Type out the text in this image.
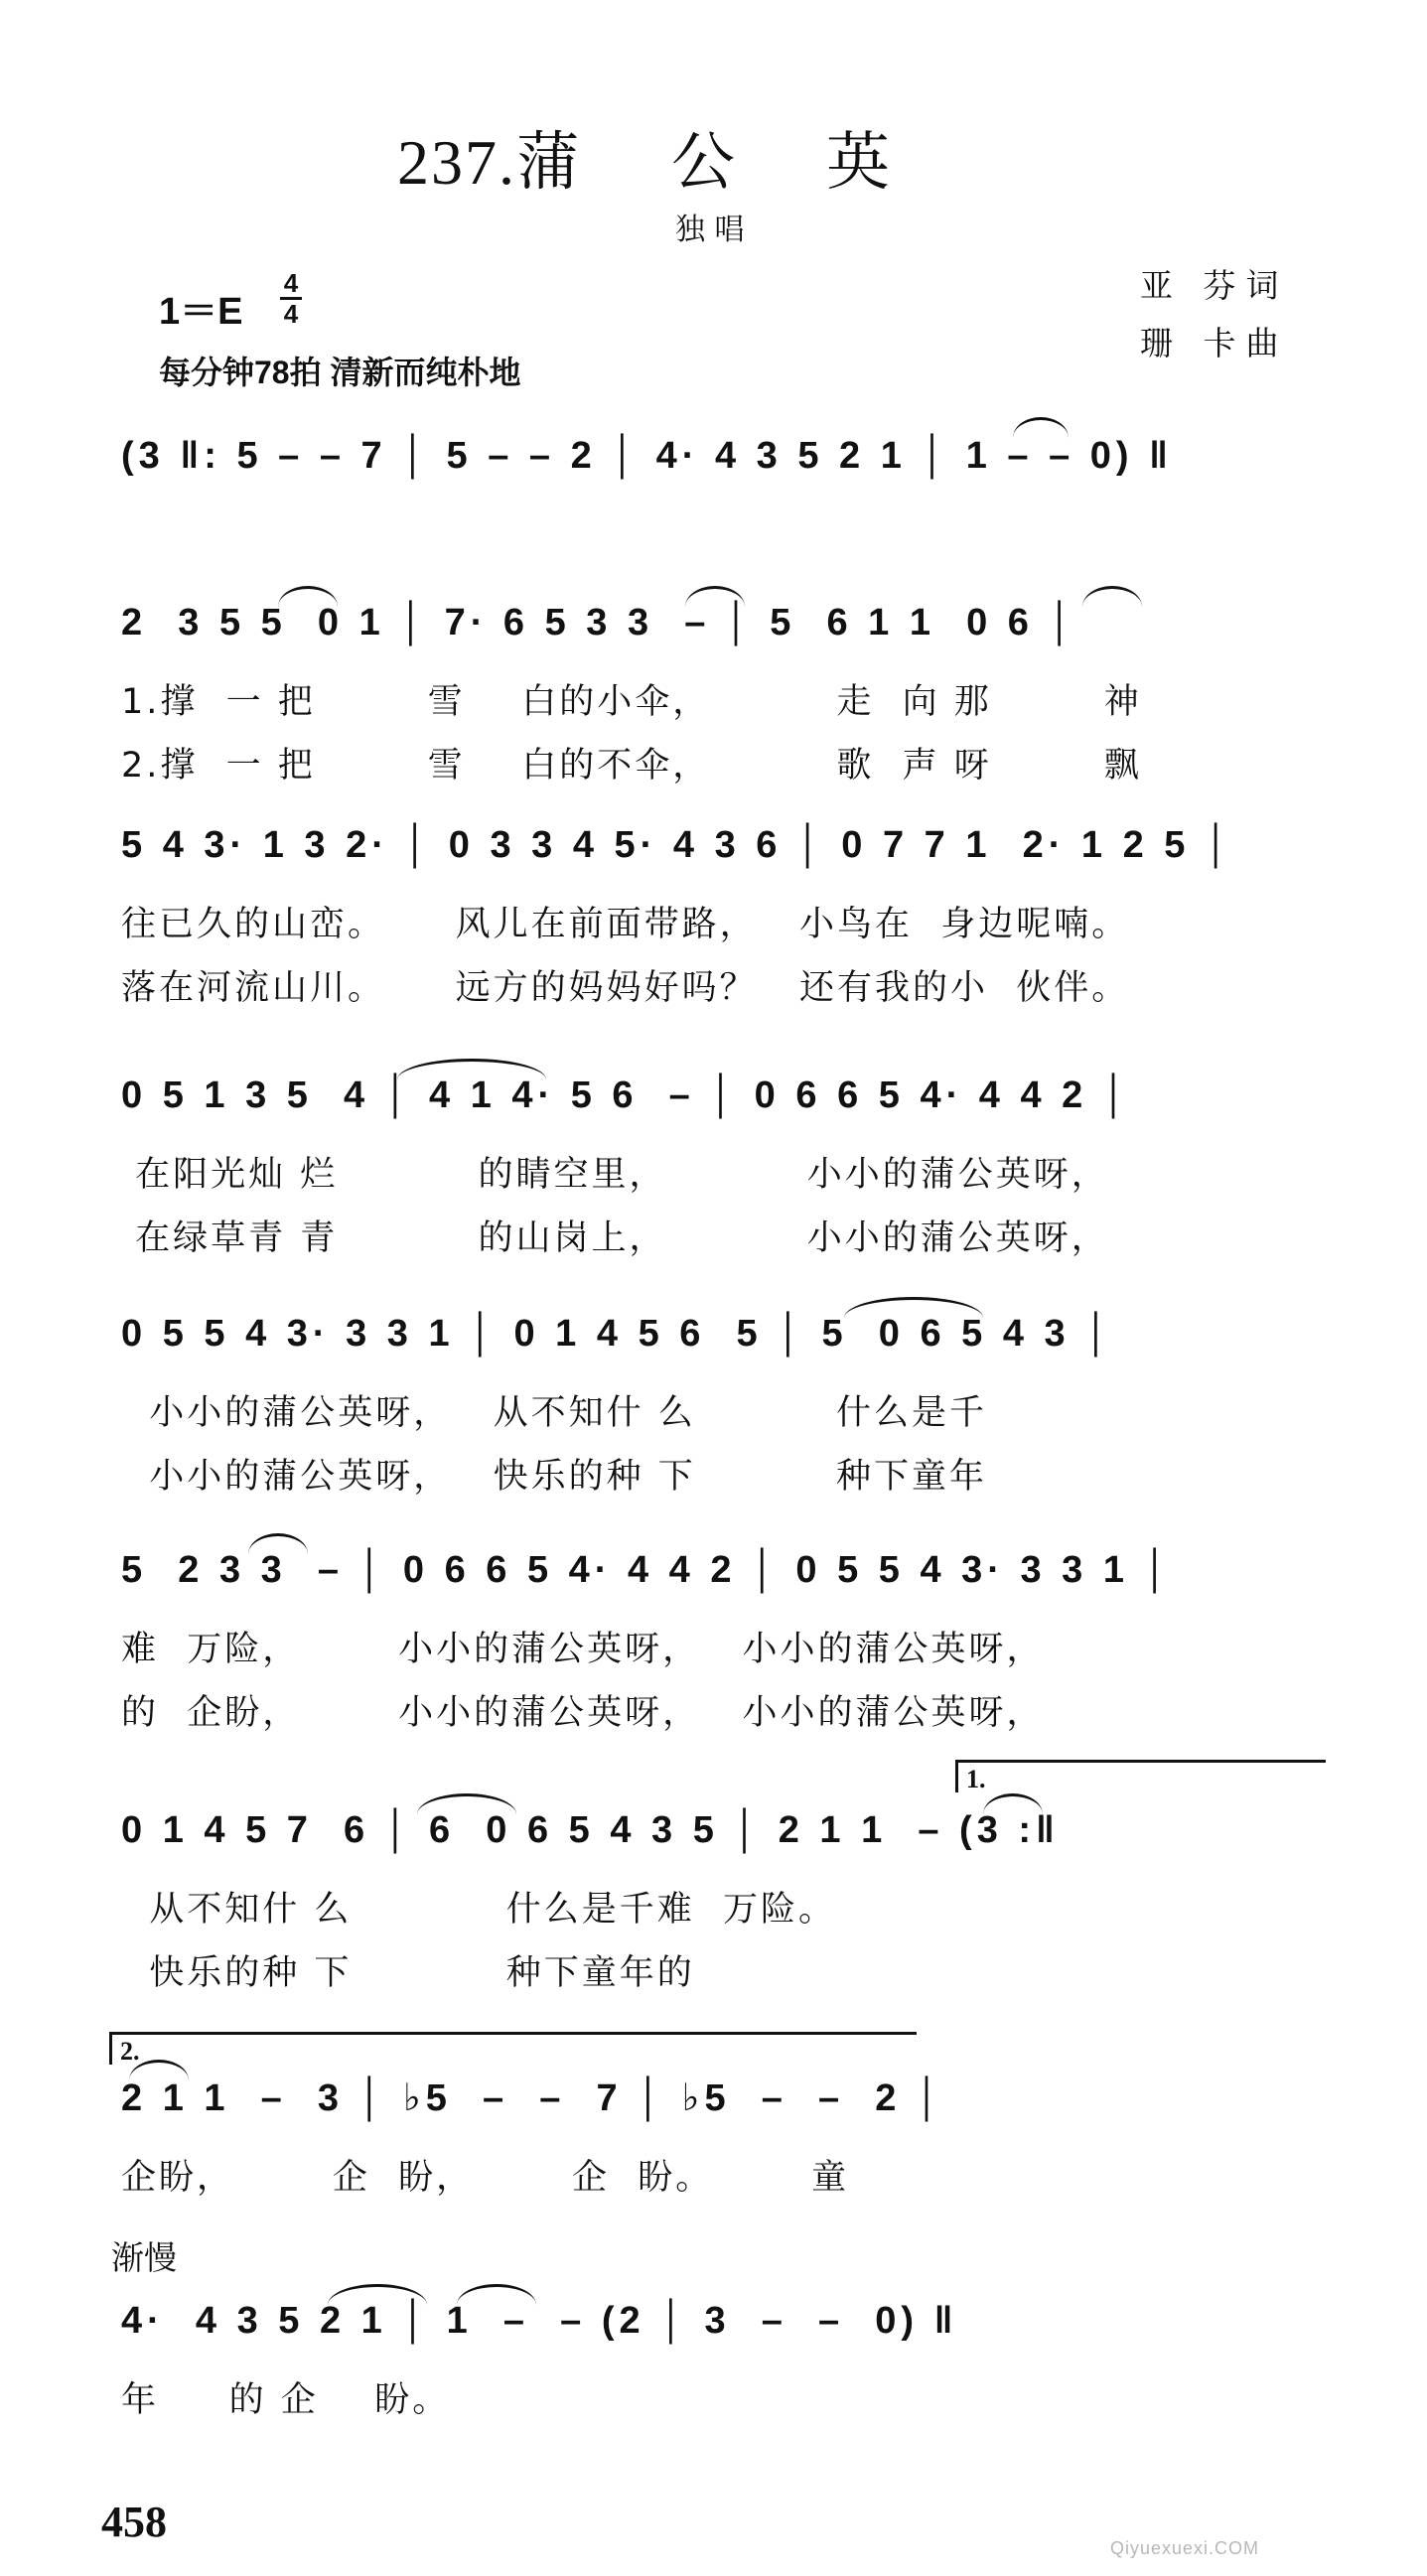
237.蒲 公 英
独 唱
1＝E
4
4
每分钟78拍 清新而纯朴地
亚 芬词
珊 卡曲
(3 ‖: 5 – – 7 │ 5 – – 2 │ 4· 4 3 5 2 1 │ 1 – – 0) ‖
2  3 5 5  0 1 │ 7· 6 5 3 3  – │ 5  6 1 1  0 6 │
1.撑  一 把        雪    白的小伞，         走  向 那        神
2.撑  一 把        雪    白的不伞，         歌  声 呀        飘
5 4 3· 1 3 2· │ 0 3 3 4 5· 4 3 6 │ 0 7 7 1  2· 1 2 5 │
往已久的山峦。     风儿在前面带路，   小鸟在  身边呢喃。
落在河流山川。     远方的妈妈好吗？   还有我的小  伙伴。
0 5 1 3 5  4 │ 4 1 4· 5 6  – │ 0 6 6 5 4· 4 4 2 │
在阳光灿 烂          的睛空里，          小小的蒲公英呀，
在绿草青 青          的山岗上，          小小的蒲公英呀，
0 5 5 4 3· 3 3 1 │ 0 1 4 5 6  5 │ 5  0 6 5 4 3 │
小小的蒲公英呀，   从不知什 么          什么是千
小小的蒲公英呀，   快乐的种 下          种下童年
5  2 3 3  – │ 0 6 6 5 4· 4 4 2 │ 0 5 5 4 3· 3 3 1 │
难  万险，       小小的蒲公英呀，   小小的蒲公英呀，
的  企盼，       小小的蒲公英呀，   小小的蒲公英呀，
1.
0 1 4 5 7  6 │ 6  0 6 5 4 3 5 │ 2 1 1  – (3 :‖
从不知什 么           什么是千难  万险。
快乐的种 下           种下童年的
2.
2 1 1  –  3 │ ♭5  –  –  7 │ ♭5  –  –  2 │
企盼，       企  盼，       企  盼。       童
渐慢
4·  4 3 5 2 1 │ 1  –  – (2 │ 3  –  –  0) ‖
年     的 企    盼。
458
Qiyuexuexi.COM
